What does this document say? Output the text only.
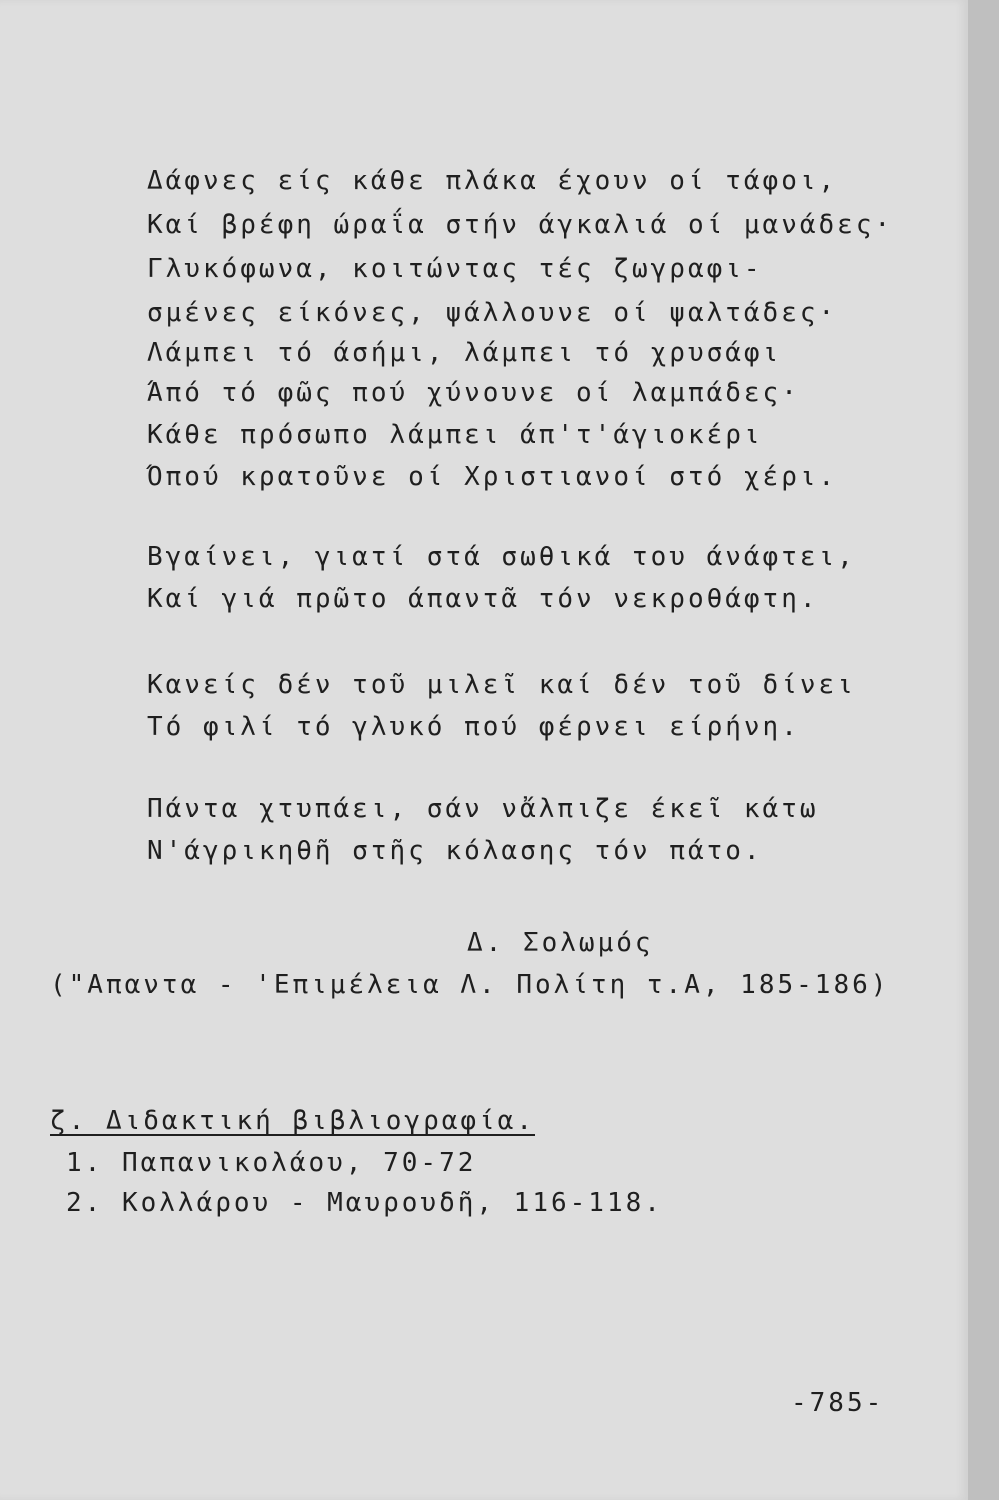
Δάφνες είς κάθε πλάκα έχουν οί τάφοι,
Καί βρέφη ώραΐα στήν άγκαλιά οί μανάδες·
Γλυκόφωνα, κοιτώντας τές ζωγραφι-
σμένες είκόνες, ψάλλουνε οί ψαλτάδες·
Λάμπει τό άσήμι, λάμπει τό χρυσάφι
Άπό τό φῶς πού χύνουνε οί λαμπάδες·
Κάθε πρόσωπο λάμπει άπ'τ'άγιοκέρι
Όπού κρατοῦνε οί Χριστιανοί στό χέρι.
Βγαίνει, γιατί στά σωθικά του άνάφτει,
Καί γιά πρῶτο άπαντᾶ τόν νεκροθάφτη.
Κανείς δέν τοῦ μιλεῖ καί δέν τοῦ δίνει
Τό φιλί τό γλυκό πού φέρνει είρήνη.
Πάντα χτυπάει, σάν νἄλπιζε έκεῖ κάτω
Ν'άγρικηθῆ στῆς κόλασης τόν πάτο.
Δ. Σολωμός
("Απαντα - 'Επιμέλεια Λ. Πολίτη τ.Α, 185-186)
ζ. Διδακτική βιβλιογραφία.
1. Παπανικολάου, 70-72
2. Κολλάρου - Μαυρουδῆ, 116-118.
-785-
